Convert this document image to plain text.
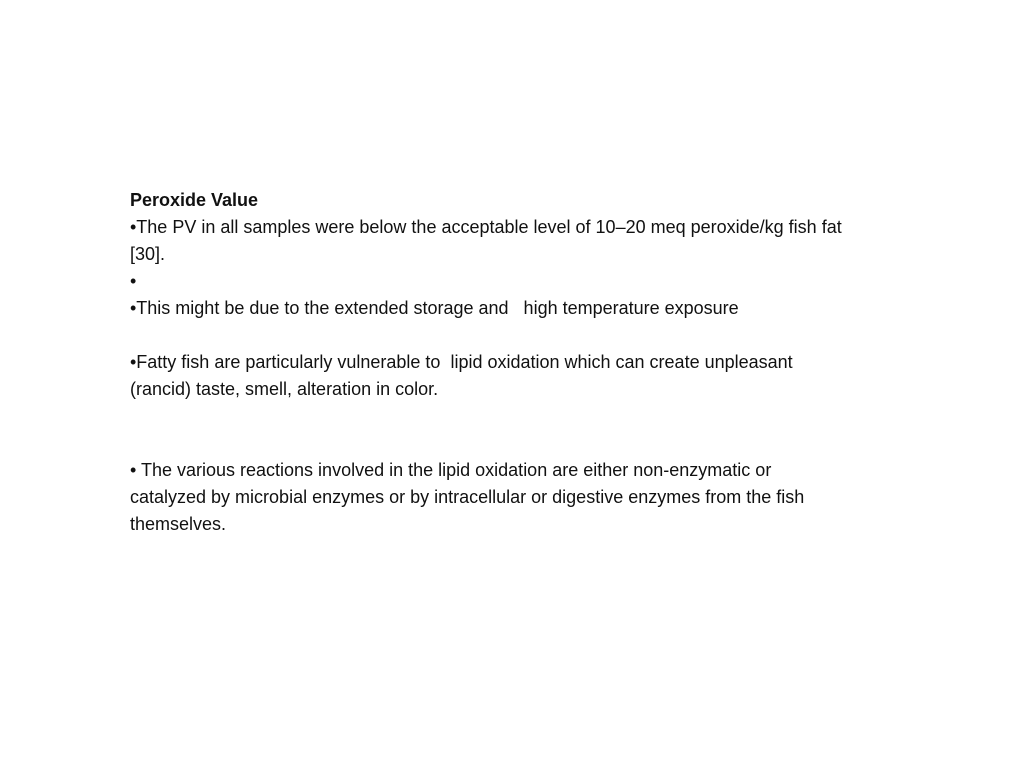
Peroxide Value

•The PV in all samples were below the acceptable level of 10–20 meq peroxide/kg fish fat [30].

•

•This might be due to the extended storage and   high temperature exposure

•Fatty fish are particularly vulnerable to  lipid oxidation which can create unpleasant (rancid) taste, smell, alteration in color.

• The various reactions involved in the lipid oxidation are either non-enzymatic or catalyzed by microbial enzymes or by intracellular or digestive enzymes from the fish themselves.
